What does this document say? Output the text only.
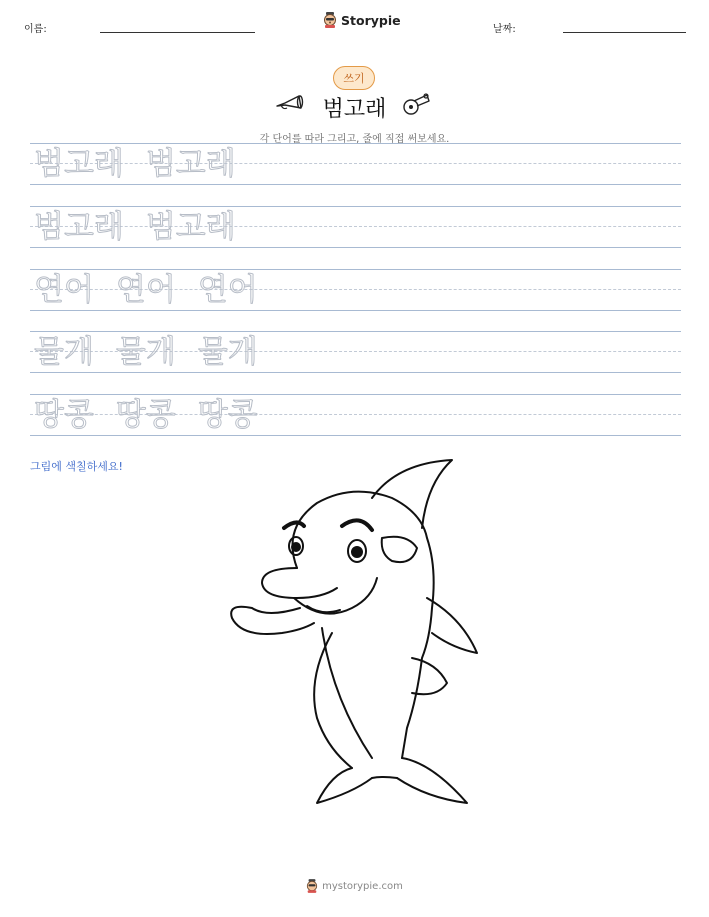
이름:
Storypie
날짜:
쓰기
범고래
각 단어를 따라 그리고, 줄에 직접 써보세요.
범고래 범고래
범고래 범고래
연어 연어 연어
물개 물개 물개
땅콩 땅콩 땅콩
그림에 색칠하세요!
mystorypie.com
